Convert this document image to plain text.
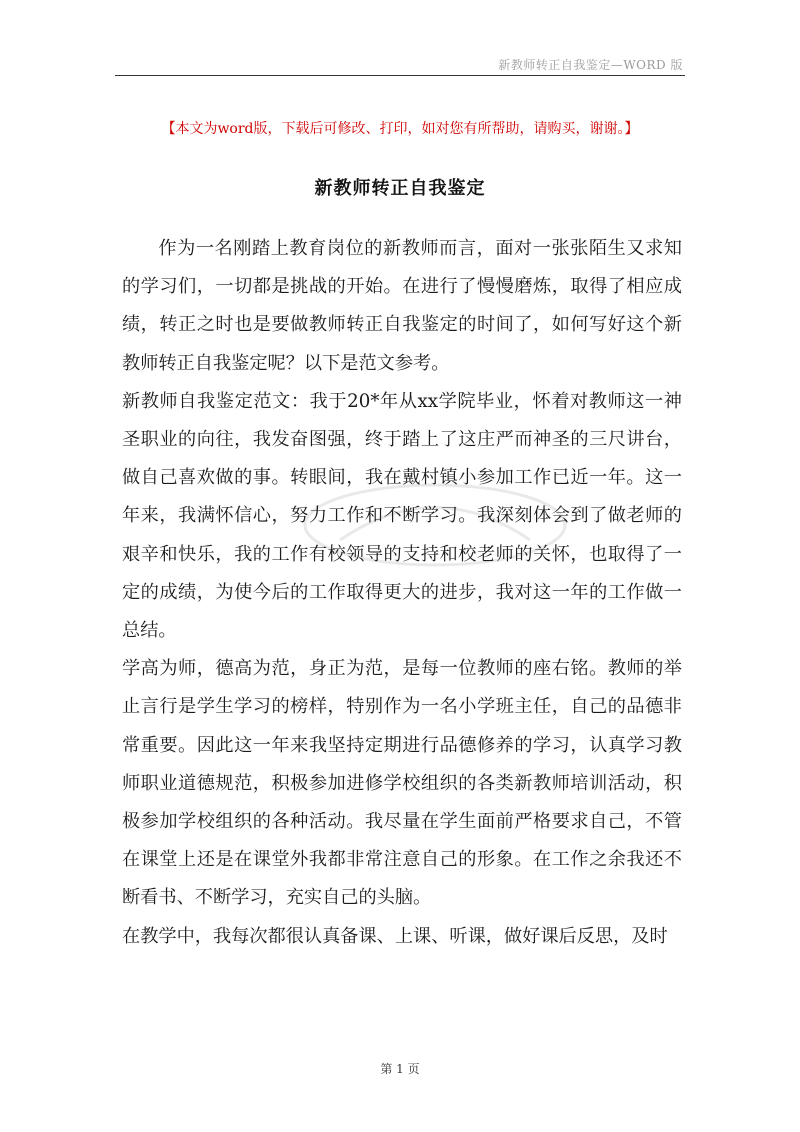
新教师转正自我鉴定—WORD 版
【本文为word版，下载后可修改、打印，如对您有所帮助，请购买，谢谢。】
新教师转正自我鉴定

作为一名刚踏上教育岗位的新教师而言，面对一张张陌生又求知的学习们，一切都是挑战的开始。在进行了慢慢磨炼，取得了相应成绩，转正之时也是要做教师转正自我鉴定的时间了，如何写好这个新教师转正自我鉴定呢？以下是范文参考。

新教师自我鉴定范文：我于20*年从xx学院毕业，怀着对教师这一神圣职业的向往，我发奋图强，终于踏上了这庄严而神圣的三尺讲台，做自己喜欢做的事。转眼间，我在戴村镇小参加工作已近一年。这一年来，我满怀信心，努力工作和不断学习。我深刻体会到了做老师的艰辛和快乐，我的工作有校领导的支持和校老师的关怀，也取得了一定的成绩，为使今后的工作取得更大的进步，我对这一年的工作做一总结。

学高为师，德高为范，身正为范，是每一位教师的座右铭。教师的举止言行是学生学习的榜样，特别作为一名小学班主任，自己的品德非常重要。因此这一年来我坚持定期进行品德修养的学习，认真学习教师职业道德规范，积极参加进修学校组织的各类新教师培训活动，积极参加学校组织的各种活动。我尽量在学生面前严格要求自己，不管在课堂上还是在课堂外我都非常注意自己的形象。在工作之余我还不断看书、不断学习，充实自己的头脑。

在教学中，我每次都很认真备课、上课、听课，做好课后反思，及时

第 1 页
